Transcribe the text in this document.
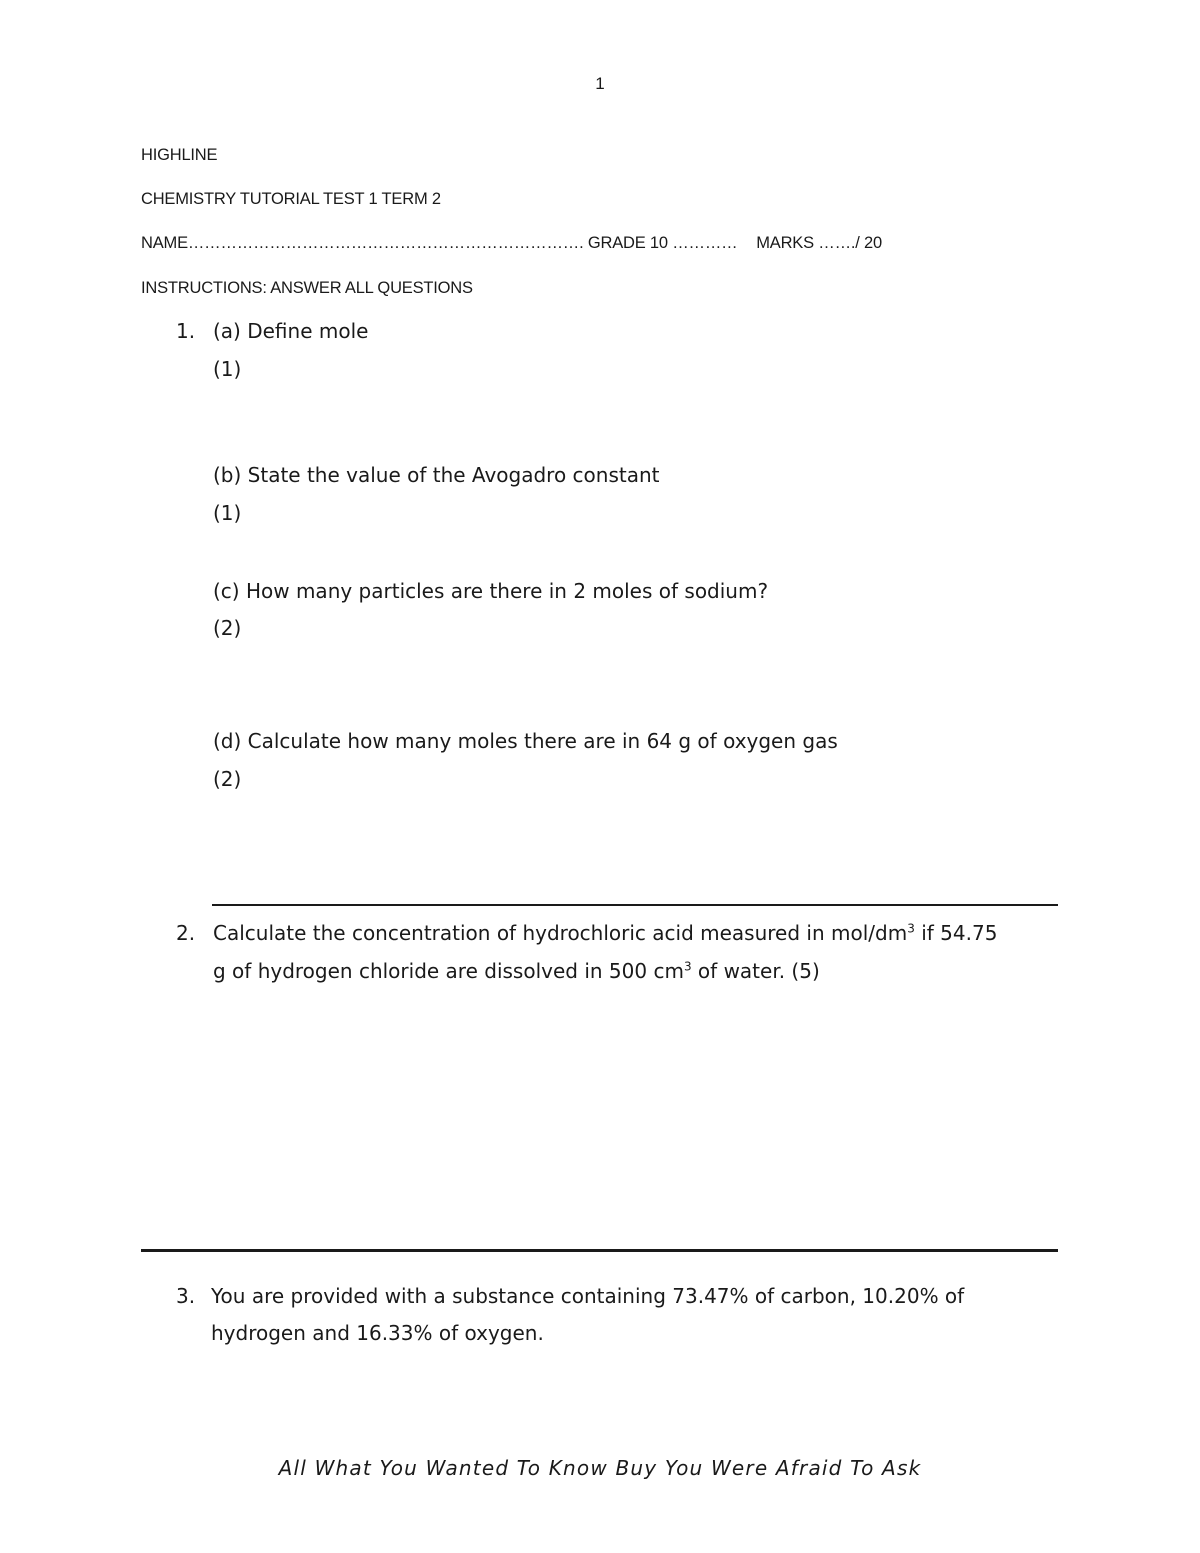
1
HIGHLINE
CHEMISTRY TUTORIAL TEST 1 TERM 2
NAME………………………………………………………………. GRADE 10 ………… MARKS ……./ 20
INSTRUCTIONS: ANSWER ALL QUESTIONS
1. (a) Define mole
(1)
(b) State the value of the Avogadro constant
(1)
(c) How many particles are there in 2 moles of sodium?
(2)
(d) Calculate how many moles there are in 64 g of oxygen gas
(2)
2. Calculate the concentration of hydrochloric acid measured in mol/$dm^3$ if 54.75
g of hydrogen chloride are dissolved in 500 $cm^3$ of water. (5)
3. You are provided with a substance containing 73.47% of carbon, 10.20% of
hydrogen and 16.33% of oxygen.
All What You Wanted To Know Buy You Were Afraid To Ask
